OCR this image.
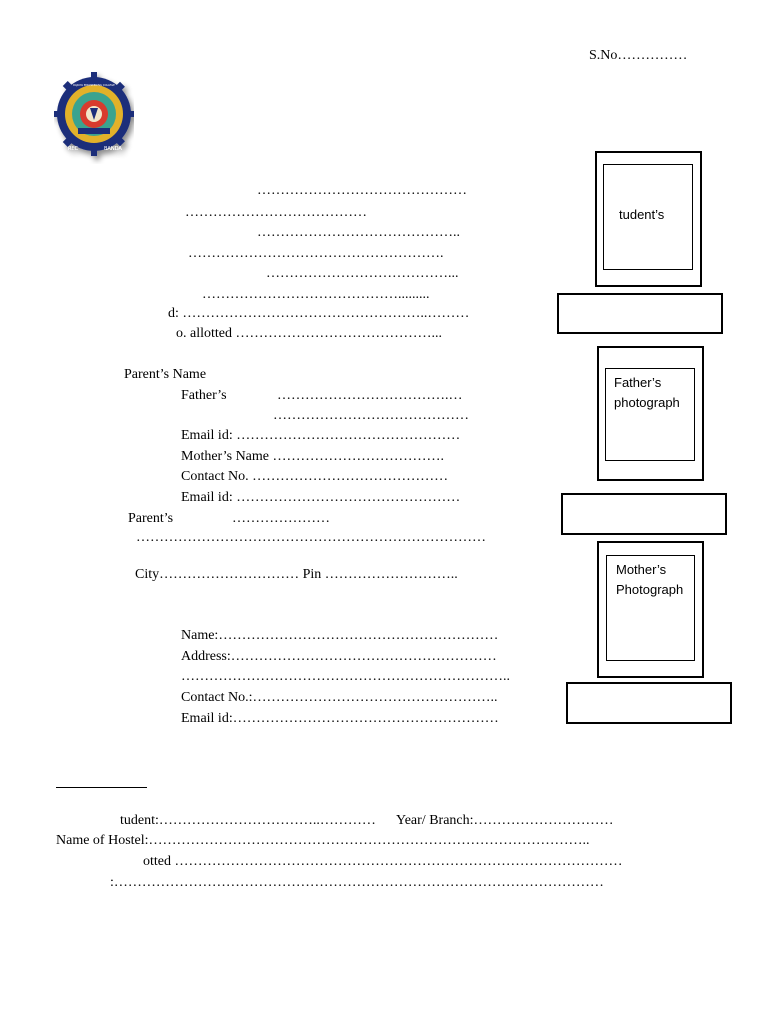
S.No……………
REC	BANDA
RAJKIYA ENGINEERING COLLEGE
………………………………………
…………………………………
……………………………………..
……………………………………………….
…………………………………...
…………………………………….........
d: ……………………………………………..………
o. allotted ……………………………………...
Parent’s Name
Father’s	……………………………….…
……………………………………
Email id: …………………………………………
Mother’s Name ……………………………….
Contact No. ……………………………………
Email id: …………………………………………
Parent’s	…………………
…………………………………………………………………
City………………………… Pin ………………………..
Name:……………………………………………………
Address:…………………………………………………
……………………………………………………………..
Contact No.:……………………………………………..
Email id:…………………………………………………
tudent:……………………………..………… Year/ Branch:…………………………
Name of Hostel:…………………………………………………………………………………..
otted ……………………………………………………………………………………
:……………………………………………………………………………………………
tudent’s
Father’s photograph
Mother’s Photograph
